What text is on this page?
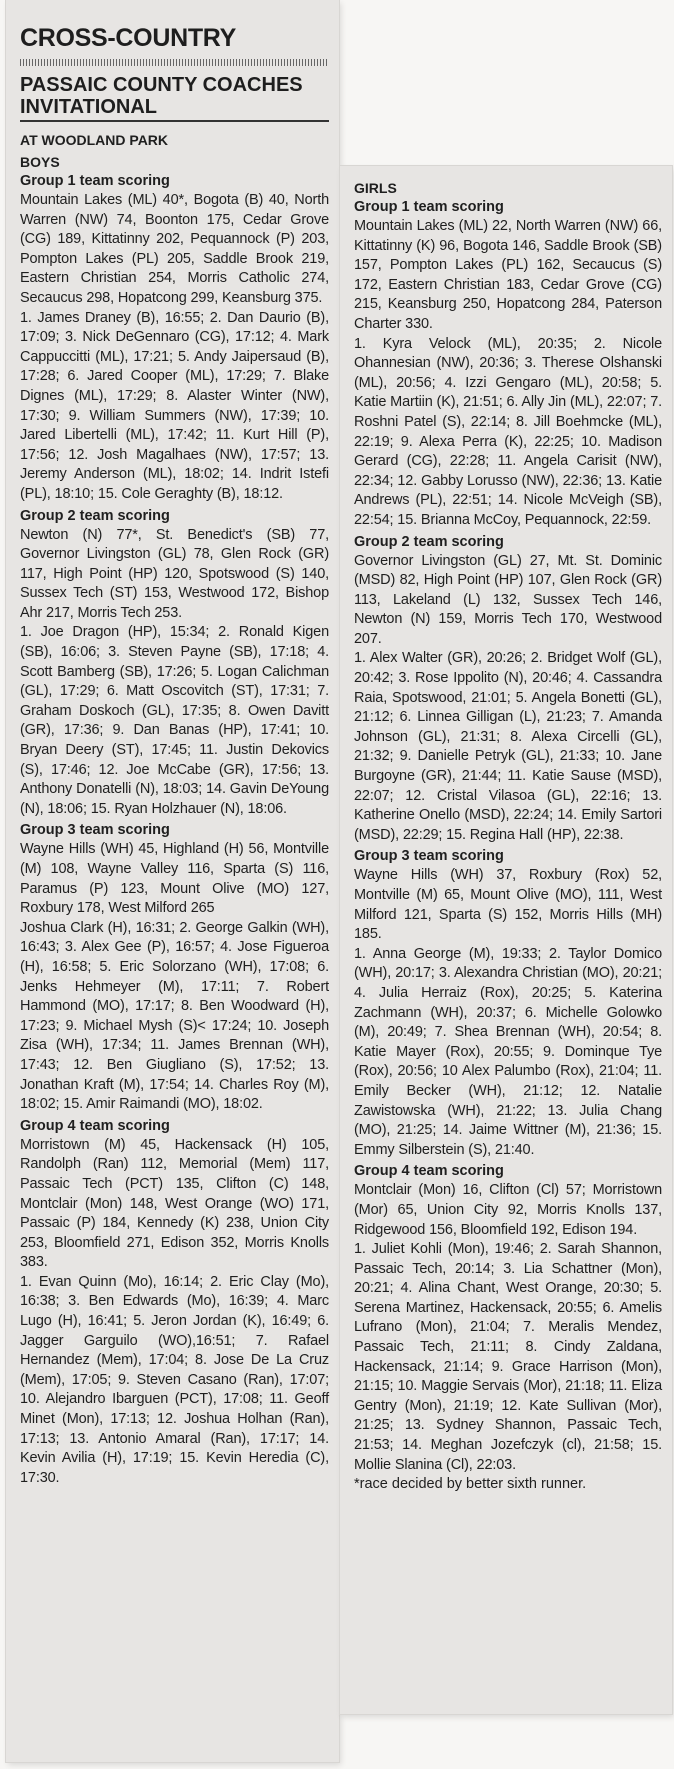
CROSS-COUNTRY
PASSAIC COUNTY COACHES INVITATIONAL
AT WOODLAND PARK
BOYS
Group 1 team scoring

Mountain Lakes (ML) 40*, Bogota (B) 40, North Warren (NW) 74, Boonton 175, Cedar Grove (CG) 189, Kittatinny 202, Pequannock (P) 203, Pompton Lakes (PL) 205, Saddle Brook 219, Eastern Christian 254, Morris Catholic 274, Secaucus 298, Hopatcong 299, Keansburg 375.

1. James Draney (B), 16:55; 2. Dan Daurio (B), 17:09; 3. Nick DeGennaro (CG), 17:12; 4. Mark Cappuccitti (ML), 17:21; 5. Andy Jaipersaud (B), 17:28; 6. Jared Cooper (ML), 17:29; 7. Blake Dignes (ML), 17:29; 8. Alaster Winter (NW), 17:30; 9. William Summers (NW), 17:39; 10. Jared Libertelli (ML), 17:42; 11. Kurt Hill (P), 17:56; 12. Josh Magalhaes (NW), 17:57; 13. Jeremy Anderson (ML), 18:02; 14. Indrit Istefi (PL), 18:10; 15. Cole Geraghty (B), 18:12.

Group 2 team scoring

Newton (N) 77*, St. Benedict's (SB) 77, Governor Livingston (GL) 78, Glen Rock (GR) 117, High Point (HP) 120, Spotswood (S) 140, Sussex Tech (ST) 153, Westwood 172, Bishop Ahr 217, Morris Tech 253.

1. Joe Dragon (HP), 15:34; 2. Ronald Kigen (SB), 16:06; 3. Steven Payne (SB), 17:18; 4. Scott Bamberg (SB), 17:26; 5. Logan Calichman (GL), 17:29; 6. Matt Oscovitch (ST), 17:31; 7. Graham Doskoch (GL), 17:35; 8. Owen Davitt (GR), 17:36; 9. Dan Banas (HP), 17:41; 10. Bryan Deery (ST), 17:45; 11. Justin Dekovics (S), 17:46; 12. Joe McCabe (GR), 17:56; 13. Anthony Donatelli (N), 18:03; 14. Gavin DeYoung (N), 18:06; 15. Ryan Holzhauer (N), 18:06.

Group 3 team scoring

Wayne Hills (WH) 45, Highland (H) 56, Montville (M) 108, Wayne Valley 116, Sparta (S) 116, Paramus (P) 123, Mount Olive (MO) 127, Roxbury 178, West Milford 265

Joshua Clark (H), 16:31; 2. George Galkin (WH), 16:43; 3. Alex Gee (P), 16:57; 4. Jose Figueroa (H), 16:58; 5. Eric Solorzano (WH), 17:08; 6. Jenks Hehmeyer (M), 17:11; 7. Robert Hammond (MO), 17:17; 8. Ben Woodward (H), 17:23; 9. Michael Mysh (S)< 17:24; 10. Joseph Zisa (WH), 17:34; 11. James Brennan (WH), 17:43; 12. Ben Giugliano (S), 17:52; 13. Jonathan Kraft (M), 17:54; 14. Charles Roy (M), 18:02; 15. Amir Raimandi (MO), 18:02.

Group 4 team scoring

Morristown (M) 45, Hackensack (H) 105, Randolph (Ran) 112, Memorial (Mem) 117, Passaic Tech (PCT) 135, Clifton (C) 148, Montclair (Mon) 148, West Orange (WO) 171, Passaic (P) 184, Kennedy (K) 238, Union City 253, Bloomfield 271, Edison 352, Morris Knolls 383.

1. Evan Quinn (Mo), 16:14; 2. Eric Clay (Mo), 16:38; 3. Ben Edwards (Mo), 16:39; 4. Marc Lugo (H), 16:41; 5. Jeron Jordan (K), 16:49; 6. Jagger Garguilo (WO),16:51; 7. Rafael Hernandez (Mem), 17:04; 8. Jose De La Cruz (Mem), 17:05; 9. Steven Casano (Ran), 17:07; 10. Alejandro Ibarguen (PCT), 17:08; 11. Geoff Minet (Mon), 17:13; 12. Joshua Holhan (Ran), 17:13; 13. Antonio Amaral (Ran), 17:17; 14. Kevin Avilia (H), 17:19; 15. Kevin Heredia (C), 17:30.

GIRLS
Group 1 team scoring

Mountain Lakes (ML) 22, North Warren (NW) 66, Kittatinny (K) 96, Bogota 146, Saddle Brook (SB) 157, Pompton Lakes (PL) 162, Secaucus (S) 172, Eastern Christian 183, Cedar Grove (CG) 215, Keansburg 250, Hopatcong 284, Paterson Charter 330.

1. Kyra Velock (ML), 20:35; 2. Nicole Ohannesian (NW), 20:36; 3. Therese Olshanski (ML), 20:56; 4. Izzi Gengaro (ML), 20:58; 5. Katie Martiin (K), 21:51; 6. Ally Jin (ML), 22:07; 7. Roshni Patel (S), 22:14; 8. Jill Boehmcke (ML), 22:19; 9. Alexa Perra (K), 22:25; 10. Madison Gerard (CG), 22:28; 11. Angela Carisit (NW), 22:34; 12. Gabby Lorusso (NW), 22:36; 13. Katie Andrews (PL), 22:51; 14. Nicole McVeigh (SB), 22:54; 15. Brianna McCoy, Pequannock, 22:59.

Group 2 team scoring

Governor Livingston (GL) 27, Mt. St. Dominic (MSD) 82, High Point (HP) 107, Glen Rock (GR) 113, Lakeland (L) 132, Sussex Tech 146, Newton (N) 159, Morris Tech 170, Westwood 207.

1. Alex Walter (GR), 20:26; 2. Bridget Wolf (GL), 20:42; 3. Rose Ippolito (N), 20:46; 4. Cassandra Raia, Spotswood, 21:01; 5. Angela Bonetti (GL), 21:12; 6. Linnea Gilligan (L), 21:23; 7. Amanda Johnson (GL), 21:31; 8. Alexa Circelli (GL), 21:32; 9. Danielle Petryk (GL), 21:33; 10. Jane Burgoyne (GR), 21:44; 11. Katie Sause (MSD), 22:07; 12. Cristal Vilasoa (GL), 22:16; 13. Katherine Onello (MSD), 22:24; 14. Emily Sartori (MSD), 22:29; 15. Regina Hall (HP), 22:38.

Group 3 team scoring

Wayne Hills (WH) 37, Roxbury (Rox) 52, Montville (M) 65, Mount Olive (MO), 111, West Milford 121, Sparta (S) 152, Morris Hills (MH) 185.

1. Anna George (M), 19:33; 2. Taylor Domico (WH), 20:17; 3. Alexandra Christian (MO), 20:21; 4. Julia Herraiz (Rox), 20:25; 5. Katerina Zachmann (WH), 20:37; 6. Michelle Golowko (M), 20:49; 7. Shea Brennan (WH), 20:54; 8. Katie Mayer (Rox), 20:55; 9. Dominque Tye (Rox), 20:56; 10 Alex Palumbo (Rox), 21:04; 11. Emily Becker (WH), 21:12; 12. Natalie Zawistowska (WH), 21:22; 13. Julia Chang (MO), 21:25; 14. Jaime Wittner (M), 21:36; 15. Emmy Silberstein (S), 21:40.

Group 4 team scoring

Montclair (Mon) 16, Clifton (Cl) 57; Morristown (Mor) 65, Union City 92, Morris Knolls 137, Ridgewood 156, Bloomfield 192, Edison 194.

1. Juliet Kohli (Mon), 19:46; 2. Sarah Shannon, Passaic Tech, 20:14; 3. Lia Schattner (Mon), 20:21; 4. Alina Chant, West Orange, 20:30; 5. Serena Martinez, Hackensack, 20:55; 6. Amelis Lufrano (Mon), 21:04; 7. Meralis Mendez, Passaic Tech, 21:11; 8. Cindy Zaldana, Hackensack, 21:14; 9. Grace Harrison (Mon), 21:15; 10. Maggie Servais (Mor), 21:18; 11. Eliza Gentry (Mon), 21:19; 12. Kate Sullivan (Mor), 21:25; 13. Sydney Shannon, Passaic Tech, 21:53; 14. Meghan Jozefczyk (cl), 21:58; 15. Mollie Slanina (Cl), 22:03.

*race decided by better sixth runner.
